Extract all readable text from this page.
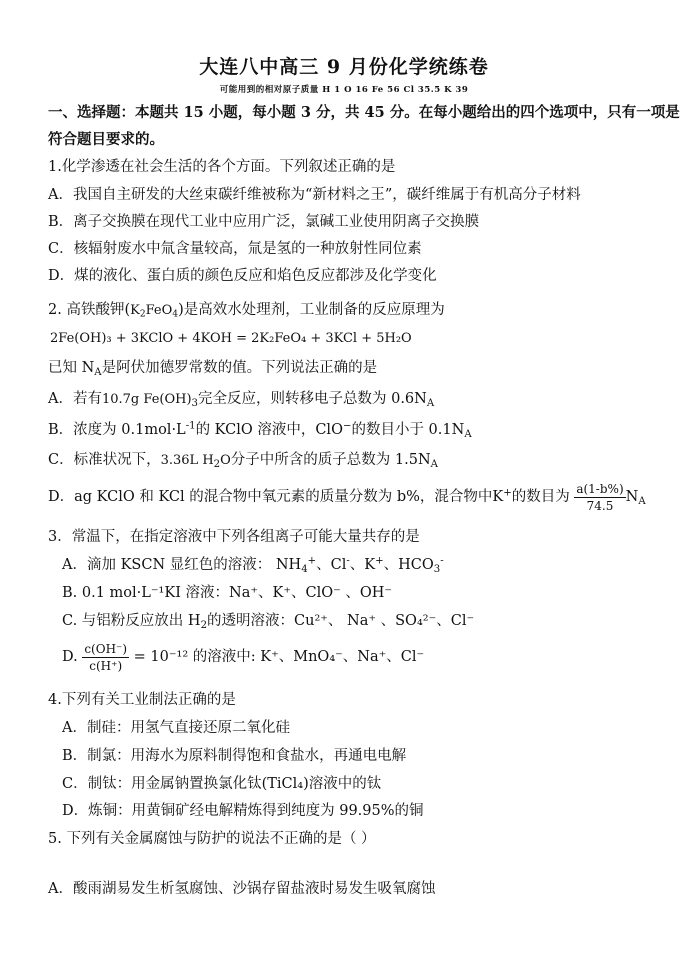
大连八中高三 9 月份化学统练卷
可能用到的相对原子质量 H 1 O 16 Fe 56 Cl 35.5 K 39
一、选择题：本题共 15 小题，每小题 3 分，共 45 分。在每小题给出的四个选项中，只有一项是
符合题目要求的。
1.化学渗透在社会生活的各个方面。下列叙述正确的是
A．我国自主研发的大丝束碳纤维被称为“新材料之王”，碳纤维属于有机高分子材料
B．离子交换膜在现代工业中应用广泛，氯碱工业使用阴离子交换膜
C．核辐射废水中氚含量较高，氚是氢的一种放射性同位素
D．煤的液化、蛋白质的颜色反应和焰色反应都涉及化学变化
2. 高铁酸钾$(K_2FeO_4)$是高效水处理剂，工业制备的反应原理为
2Fe(OH)₃ + 3KClO + 4KOH = 2K₂FeO₄ + 3KCl + 5H₂O
已知 $N_A$是阿伏加德罗常数的值。下列说法正确的是
A．若有10.7g $Fe(OH)_3$完全反应，则转移电子总数为 $0.6N_A$
B．浓度为 $0.1mol\cdot L^{-1}$的 KClO 溶液中，ClO−的数目小于 $0.1N_A$
C．标准状况下，3.36L $H_2O$分子中所含的质子总数为 $1.5N_A$
D．ag KClO 和 KCl 的混合物中氧元素的质量分数为 b%，混合物中K+的数目为 $\frac{a(1-b\%)}{74.5} N_A$
3．常温下，在指定溶液中下列各组离子可能大量共存的是
A．滴加 KSCN 显红色的溶液： $NH_4^+$、Cl-、K+、$HCO_3^-$
B. 0.1 mol·L⁻¹KI 溶液：Na⁺、K⁺、ClO⁻ 、OH⁻
C. 与铝粉反应放出 $H_2$的透明溶液：Cu²⁺、 Na⁺ 、SO₄²⁻、Cl⁻
D. $\frac{c(OH^-)}{c(H^+)} = 10^{-12}$ 的溶液中: K⁺、MnO₄⁻、Na⁺、Cl⁻
4.下列有关工业制法正确的是
A．制硅：用氢气直接还原二氧化硅
B．制氯：用海水为原料制得饱和食盐水，再通电电解
C．制钛：用金属钠置换氯化钛(TiCl₄)溶液中的钛
D．炼铜：用黄铜矿经电解精炼得到纯度为 99.95%的铜
5. 下列有关金属腐蚀与防护的说法不正确的是（ ）
A．酸雨湖易发生析氢腐蚀、沙锅存留盐液时易发生吸氧腐蚀
